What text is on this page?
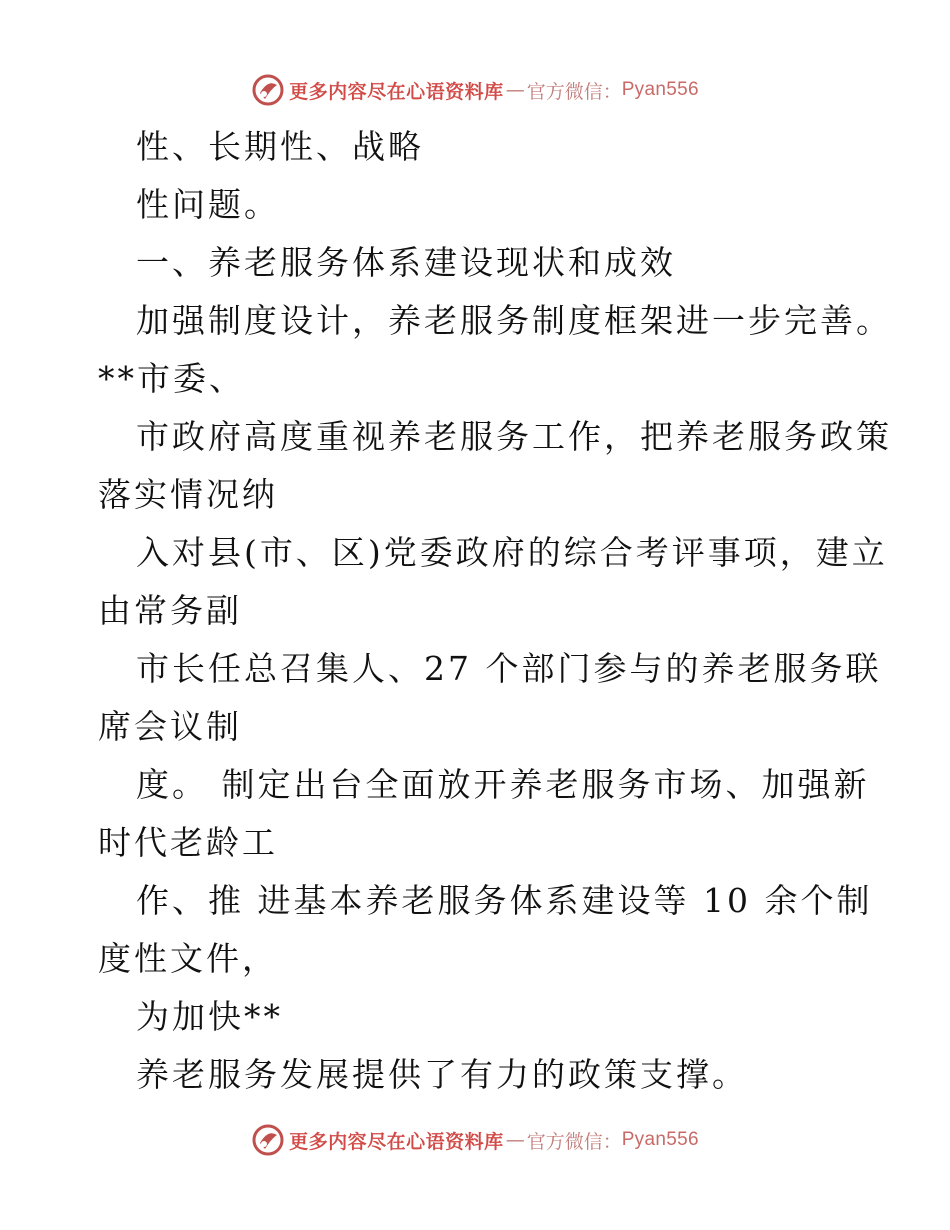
更多内容尽在心语资料库 — 官方微信： Pyan556
性、长期性、战略
性问题。
一、养老服务体系建设现状和成效
加强制度设计，养老服务制度框架进一步完善。
**市委、
市政府高度重视养老服务工作，把养老服务政策
落实情况纳
入对县(市、区)党委政府的综合考评事项，建立
由常务副
市长任总召集人、27 个部门参与的养老服务联
席会议制
度。 制定出台全面放开养老服务市场、加强新
时代老龄工
作、推 进基本养老服务体系建设等 10 余个制
度性文件，
为加快**
养老服务发展提供了有力的政策支撑。
更多内容尽在心语资料库 — 官方微信： Pyan556
